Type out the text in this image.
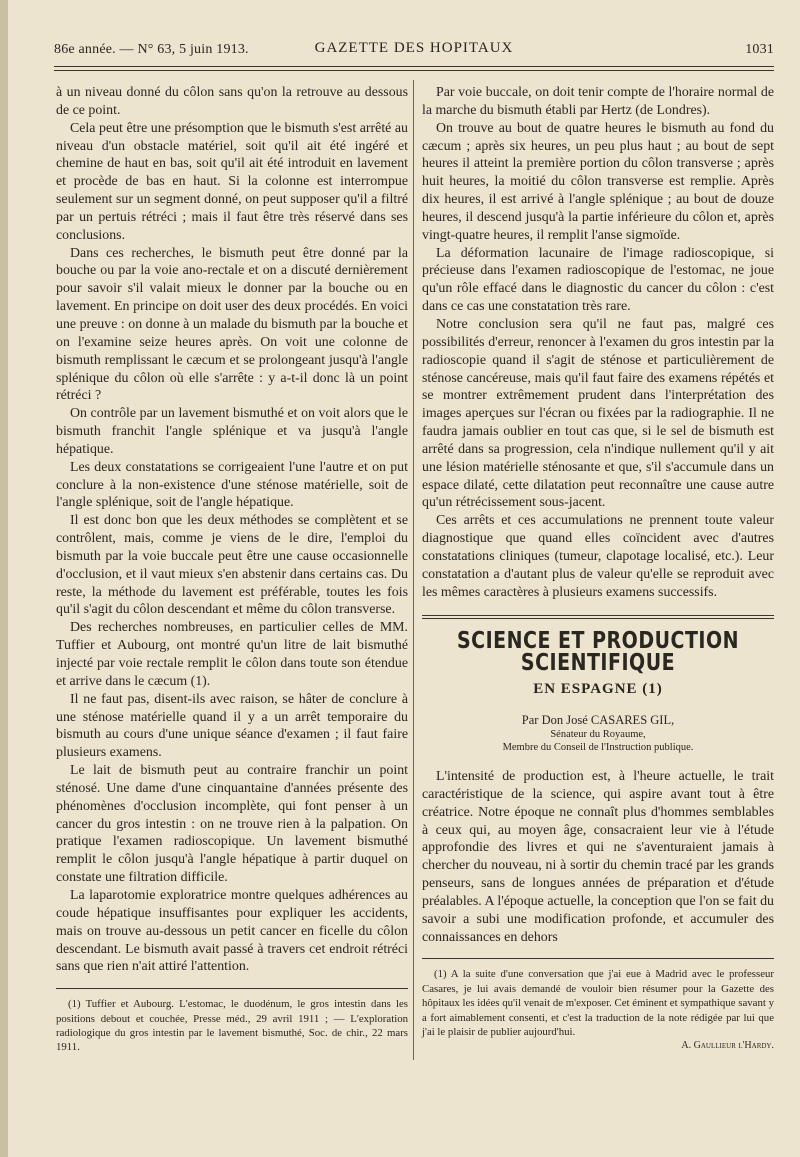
86e année. — N° 63, 5 juin 1913.	GAZETTE DES HOPITAUX	1031

à un niveau donné du côlon sans qu'on la retrouve au dessous de ce point.

Cela peut être une présomption que le bismuth s'est arrêté au niveau d'un obstacle matériel, soit qu'il ait été ingéré et chemine de haut en bas, soit qu'il ait été introduit en lavement et procède de bas en haut. Si la colonne est interrompue seulement sur un segment donné, on peut supposer qu'il a filtré par un pertuis rétréci ; mais il faut être très réservé dans ses conclusions.

Dans ces recherches, le bismuth peut être donné par la bouche ou par la voie ano-rectale et on a discuté dernièrement pour savoir s'il valait mieux le donner par la bouche ou en lavement. En principe on doit user des deux procédés. En voici une preuve : on donne à un malade du bismuth par la bouche et on l'examine seize heures après. On voit une colonne de bismuth remplissant le cæcum et se prolongeant jusqu'à l'angle splénique du côlon où elle s'arrête : y a-t-il donc là un point rétréci ?

On contrôle par un lavement bismuthé et on voit alors que le bismuth franchit l'angle splénique et va jusqu'à l'angle hépatique.

Les deux constatations se corrigeaient l'une l'autre et on put conclure à la non-existence d'une sténose matérielle, soit de l'angle splénique, soit de l'angle hépatique.

Il est donc bon que les deux méthodes se complètent et se contrôlent, mais, comme je viens de le dire, l'emploi du bismuth par la voie buccale peut être une cause occasionnelle d'occlusion, et il vaut mieux s'en abstenir dans certains cas. Du reste, la méthode du lavement est préférable, toutes les fois qu'il s'agit du côlon descendant et même du côlon transverse.

Des recherches nombreuses, en particulier celles de MM. Tuffier et Aubourg, ont montré qu'un litre de lait bismuthé injecté par voie rectale remplit le côlon dans toute son étendue et arrive dans le cæcum (1).

Il ne faut pas, disent-ils avec raison, se hâter de conclure à une sténose matérielle quand il y a un arrêt temporaire du bismuth au cours d'une unique séance d'examen ; il faut faire plusieurs examens.

Le lait de bismuth peut au contraire franchir un point sténosé. Une dame d'une cinquantaine d'années présente des phénomènes d'occlusion incomplète, qui font penser à un cancer du gros intestin : on ne trouve rien à la palpation. On pratique l'examen radioscopique. Un lavement bismuthé remplit le côlon jusqu'à l'angle hépatique à partir duquel on constate une filtration difficile.

La laparotomie exploratrice montre quelques adhérences au coude hépatique insuffisantes pour expliquer les accidents, mais on trouve au-dessous un petit cancer en ficelle du côlon descendant. Le bismuth avait passé à travers cet endroit rétréci sans que rien n'ait attiré l'attention.

(1) Tuffier et Aubourg. L'estomac, le duodénum, le gros intestin dans les positions debout et couchée, Presse méd., 29 avril 1911 ; — L'exploration radiologique du gros intestin par le lavement bismuthé, Soc. de chir., 22 mars 1911.

Par voie buccale, on doit tenir compte de l'horaire normal de la marche du bismuth établi par Hertz (de Londres).

On trouve au bout de quatre heures le bismuth au fond du cæcum ; après six heures, un peu plus haut ; au bout de sept heures il atteint la première portion du côlon transverse ; après huit heures, la moitié du côlon transverse est remplie. Après dix heures, il est arrivé à l'angle splénique ; au bout de douze heures, il descend jusqu'à la partie inférieure du côlon et, après vingt-quatre heures, il remplit l'anse sigmoïde.

La déformation lacunaire de l'image radioscopique, si précieuse dans l'examen radioscopique de l'estomac, ne joue qu'un rôle effacé dans le diagnostic du cancer du côlon : c'est dans ce cas une constatation très rare.

Notre conclusion sera qu'il ne faut pas, malgré ces possibilités d'erreur, renoncer à l'examen du gros intestin par la radioscopie quand il s'agit de sténose et particulièrement de sténose cancéreuse, mais qu'il faut faire des examens répétés et se montrer extrêmement prudent dans l'interprétation des images aperçues sur l'écran ou fixées par la radiographie. Il ne faudra jamais oublier en tout cas que, si le sel de bismuth est arrêté dans sa progression, cela n'indique nullement qu'il y ait une lésion matérielle sténosante et que, s'il s'accumule dans un espace dilaté, cette dilatation peut reconnaître une cause autre qu'un rétrécissement sous-jacent.

Ces arrêts et ces accumulations ne prennent toute valeur diagnostique que quand elles coïncident avec d'autres constatations cliniques (tumeur, clapotage localisé, etc.). Leur constatation a d'autant plus de valeur qu'elle se reproduit avec les mêmes caractères à plusieurs examens successifs.

SCIENCE ET PRODUCTION SCIENTIFIQUE
EN ESPAGNE (1)
Par Don José CASARES GIL,
Sénateur du Royaume,
Membre du Conseil de l'Instruction publique.

L'intensité de production est, à l'heure actuelle, le trait caractéristique de la science, qui aspire avant tout à être créatrice. Notre époque ne connaît plus d'hommes semblables à ceux qui, au moyen âge, consacraient leur vie à l'étude approfondie des livres et qui ne s'aventuraient jamais à chercher du nouveau, ni à sortir du chemin tracé par les grands penseurs, sans de longues années de préparation et d'étude préalables. A l'époque actuelle, la conception que l'on se fait du savoir a subi une modification profonde, et accumuler des connaissances en dehors

(1) A la suite d'une conversation que j'ai eue à Madrid avec le professeur Casares, je lui avais demandé de vouloir bien résumer pour la Gazette des hôpitaux les idées qu'il venait de m'exposer. Cet éminent et sympathique savant y a fort aimablement consenti, et c'est la traduction de la note rédigée par lui que j'ai le plaisir de publier aujourd'hui.

A. Gaullieur l'Hardy.
